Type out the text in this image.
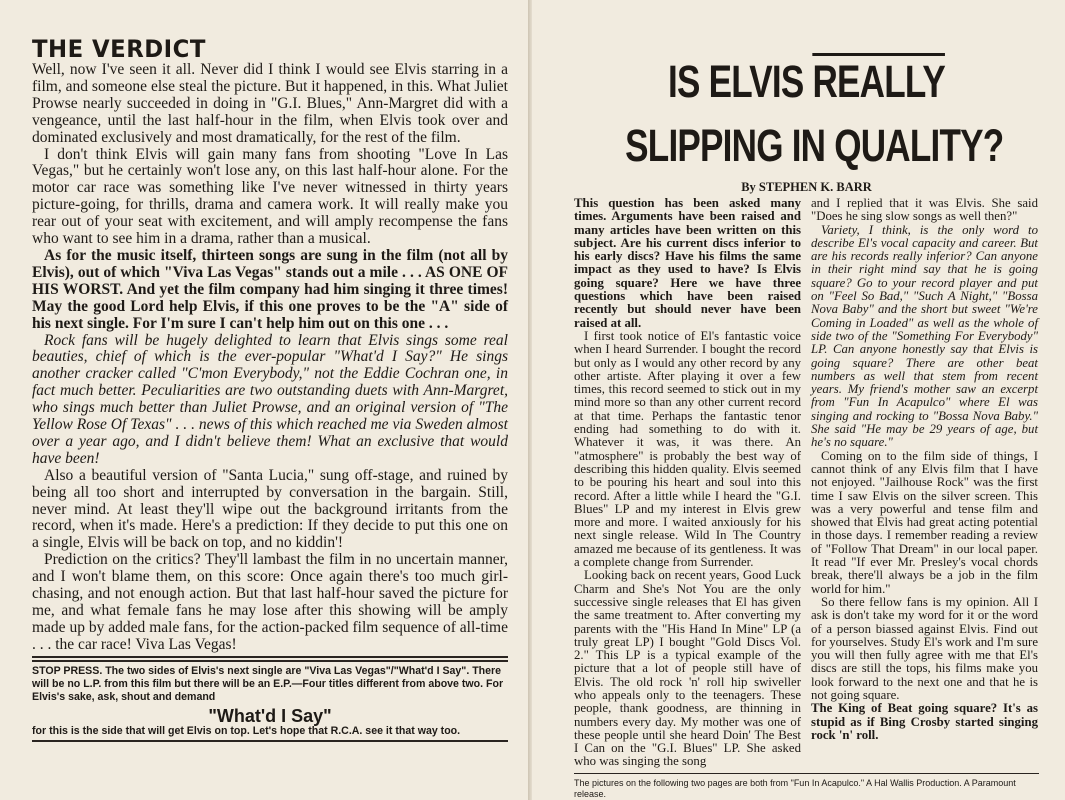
THE VERDICT

Well, now I've seen it all. Never did I think I would see Elvis starring in a film, and someone else steal the picture. But it happened, in this. What Juliet Prowse nearly succeeded in doing in "G.I. Blues," Ann-Margret did with a vengeance, until the last half-hour in the film, when Elvis took over and dominated exclusively and most dramatically, for the rest of the film.

I don't think Elvis will gain many fans from shooting "Love In Las Vegas," but he certainly won't lose any, on this last half-hour alone. For the motor car race was something like I've never witnessed in thirty years picture-going, for thrills, drama and camera work. It will really make you rear out of your seat with excitement, and will amply recompense the fans who want to see him in a drama, rather than a musical.

As for the music itself, thirteen songs are sung in the film (not all by Elvis), out of which "Viva Las Vegas" stands out a mile . . . AS ONE OF HIS WORST. And yet the film company had him singing it three times! May the good Lord help Elvis, if this one proves to be the "A" side of his next single. For I'm sure I can't help him out on this one . . .

Rock fans will be hugely delighted to learn that Elvis sings some real beauties, chief of which is the ever-popular "What'd I Say?" He sings another cracker called "C'mon Everybody," not the Eddie Cochran one, in fact much better. Peculiarities are two outstanding duets with Ann-Margret, who sings much better than Juliet Prowse, and an original version of "The Yellow Rose Of Texas" . . . news of this which reached me via Sweden almost over a year ago, and I didn't believe them! What an exclusive that would have been!

Also a beautiful version of "Santa Lucia," sung off-stage, and ruined by being all too short and interrupted by conversation in the bargain. Still, never mind. At least they'll wipe out the background irritants from the record, when it's made. Here's a prediction: If they decide to put this one on a single, Elvis will be back on top, and no kiddin'!

Prediction on the critics? They'll lambast the film in no uncertain manner, and I won't blame them, on this score: Once again there's too much girl-chasing, and not enough action. But that last half-hour saved the picture for me, and what female fans he may lose after this showing will be amply made up by added male fans, for the action-packed film sequence of all-time . . . the car race! Viva Las Vegas!

STOP PRESS. The two sides of Elvis's next single are "Viva Las Vegas"/"What'd I Say". There will be no L.P. from this film but there will be an E.P.—Four titles different from above two. For Elvis's sake, ask, shout and demand
"What'd I Say"
for this is the side that will get Elvis on top. Let's hope that R.C.A. see it that way too.
IS ELVIS REALLY
SLIPPING IN QUALITY?
By STEPHEN K. BARR

This question has been asked many times. Arguments have been raised and many articles have been written on this subject. Are his current discs inferior to his early discs? Have his films the same impact as they used to have? Is Elvis going square? Here we have three questions which have been raised recently but should never have been raised at all.

I first took notice of El's fantastic voice when I heard Surrender. I bought the record but only as I would any other record by any other artiste. After playing it over a few times, this record seemed to stick out in my mind more so than any other current record at that time. Perhaps the fantastic tenor ending had something to do with it. Whatever it was, it was there. An "atmosphere" is probably the best way of describing this hidden quality. Elvis seemed to be pouring his heart and soul into this record. After a little while I heard the "G.I. Blues" LP and my interest in Elvis grew more and more. I waited anxiously for his next single release. Wild In The Country amazed me because of its gentleness. It was a complete change from Surrender.

Looking back on recent years, Good Luck Charm and She's Not You are the only successive single releases that El has given the same treatment to. After converting my parents with the "His Hand In Mine" LP (a truly great LP) I bought "Gold Discs Vol. 2." This LP is a typical example of the picture that a lot of people still have of Elvis. The old rock 'n' roll hip swiveller who appeals only to the teenagers. These people, thank goodness, are thinning in numbers every day. My mother was one of these people until she heard Doin' The Best I Can on the "G.I. Blues" LP. She asked who was singing the song

and I replied that it was Elvis. She said "Does he sing slow songs as well then?"

Variety, I think, is the only word to describe El's vocal capacity and career. But are his records really inferior? Can anyone in their right mind say that he is going square? Go to your record player and put on "Feel So Bad," "Such A Night," "Bossa Nova Baby" and the short but sweet "We're Coming in Loaded" as well as the whole of side two of the "Something For Everybody" LP. Can anyone honestly say that Elvis is going square? There are other beat numbers as well that stem from recent years. My friend's mother saw an excerpt from "Fun In Acapulco" where El was singing and rocking to "Bossa Nova Baby." She said "He may be 29 years of age, but he's no square."

Coming on to the film side of things, I cannot think of any Elvis film that I have not enjoyed. "Jailhouse Rock" was the first time I saw Elvis on the silver screen. This was a very powerful and tense film and showed that Elvis had great acting potential in those days. I remember reading a review of "Follow That Dream" in our local paper. It read "If ever Mr. Presley's vocal chords break, there'll always be a job in the film world for him."

So there fellow fans is my opinion. All I ask is don't take my word for it or the word of a person biassed against Elvis. Find out for yourselves. Study El's work and I'm sure you will then fully agree with me that El's discs are still the tops, his films make you look forward to the next one and that he is not going square.

The King of Beat going square? It's as stupid as if Bing Crosby started singing rock 'n' roll.

The pictures on the following two pages are both from "Fun In Acapulco." A Hal Wallis Production. A Paramount release.
